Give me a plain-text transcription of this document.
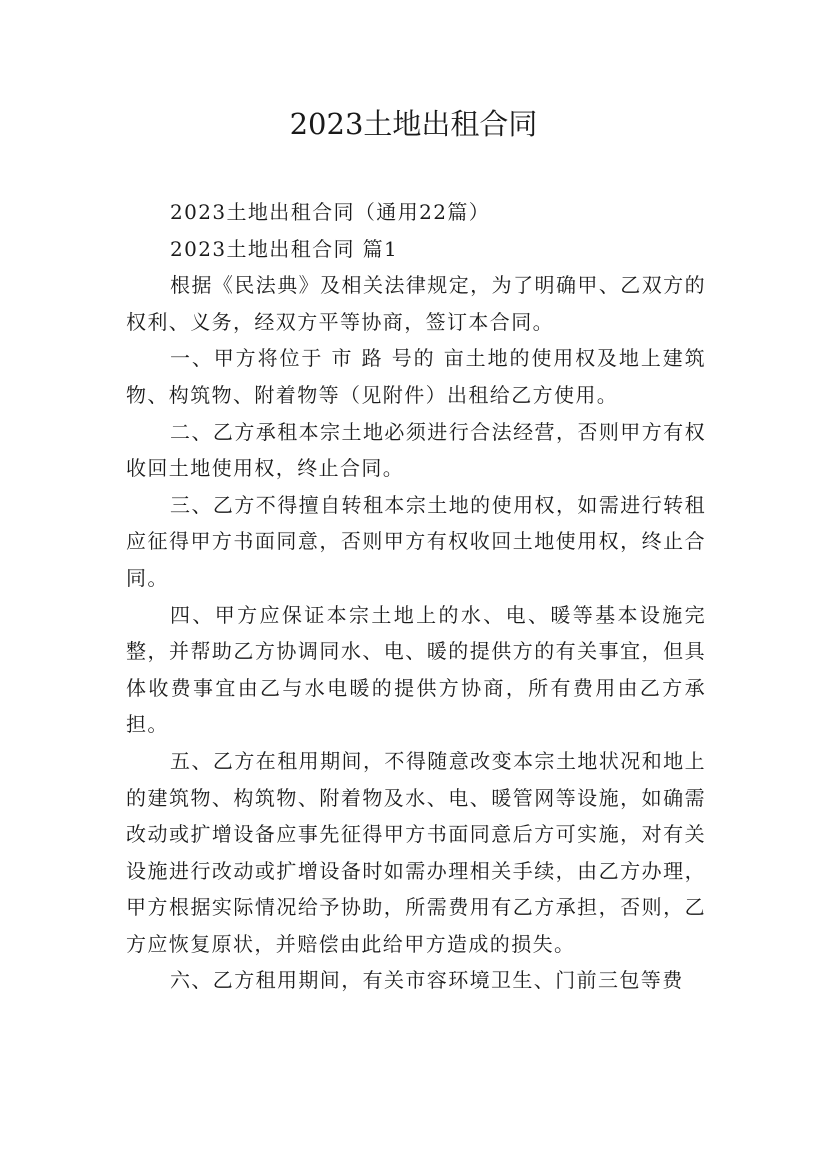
2023土地出租合同

2023土地出租合同（通用22篇）

2023土地出租合同 篇1

根据《民法典》及相关法律规定，为了明确甲、乙双方的权利、义务，经双方平等协商，签订本合同。

一、甲方将位于 市 路 号的 亩土地的使用权及地上建筑物、构筑物、附着物等（见附件）出租给乙方使用。

二、乙方承租本宗土地必须进行合法经营，否则甲方有权收回土地使用权，终止合同。

三、乙方不得擅自转租本宗土地的使用权，如需进行转租应征得甲方书面同意，否则甲方有权收回土地使用权，终止合同。

四、甲方应保证本宗土地上的水、电、暖等基本设施完整，并帮助乙方协调同水、电、暖的提供方的有关事宜，但具体收费事宜由乙与水电暖的提供方协商，所有费用由乙方承担。

五、乙方在租用期间，不得随意改变本宗土地状况和地上的建筑物、构筑物、附着物及水、电、暖管网等设施，如确需改动或扩增设备应事先征得甲方书面同意后方可实施，对有关设施进行改动或扩增设备时如需办理相关手续，由乙方办理，甲方根据实际情况给予协助，所需费用有乙方承担，否则，乙方应恢复原状，并赔偿由此给甲方造成的损失。

六、乙方租用期间，有关市容环境卫生、门前三包等费
